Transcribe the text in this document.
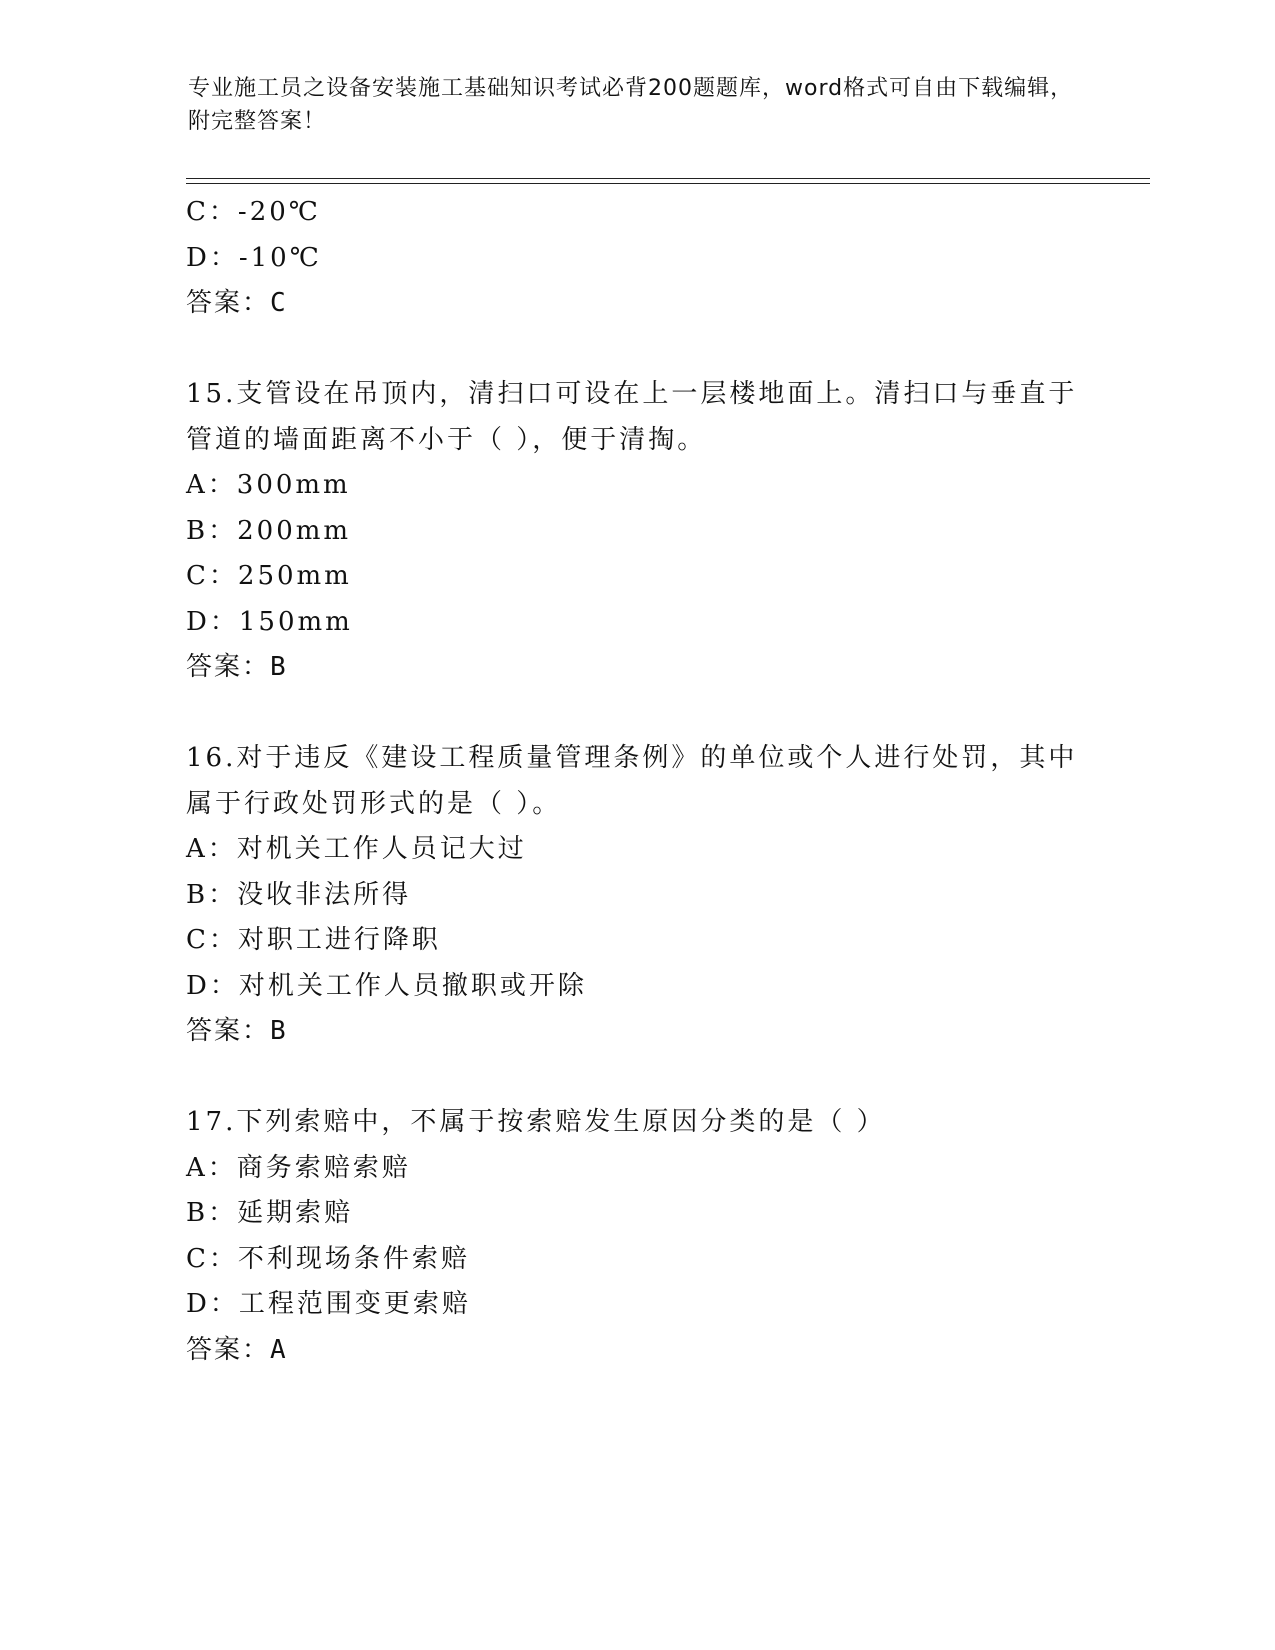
专业施工员之设备安装施工基础知识考试必背200题题库，word格式可自由下载编辑，附完整答案！
C：-20℃
D：-10℃
答案：C
15.支管设在吊顶内，清扫口可设在上一层楼地面上。清扫口与垂直于
管道的墙面距离不小于（ ），便于清掏。
A：300mm
B：200mm
C：250mm
D：150mm
答案：B
16.对于违反《建设工程质量管理条例》的单位或个人进行处罚，其中
属于行政处罚形式的是（ ）。
A：对机关工作人员记大过
B：没收非法所得
C：对职工进行降职
D：对机关工作人员撤职或开除
答案：B
17.下列索赔中，不属于按索赔发生原因分类的是（ ）
A：商务索赔索赔
B：延期索赔
C：不利现场条件索赔
D：工程范围变更索赔
答案：A
